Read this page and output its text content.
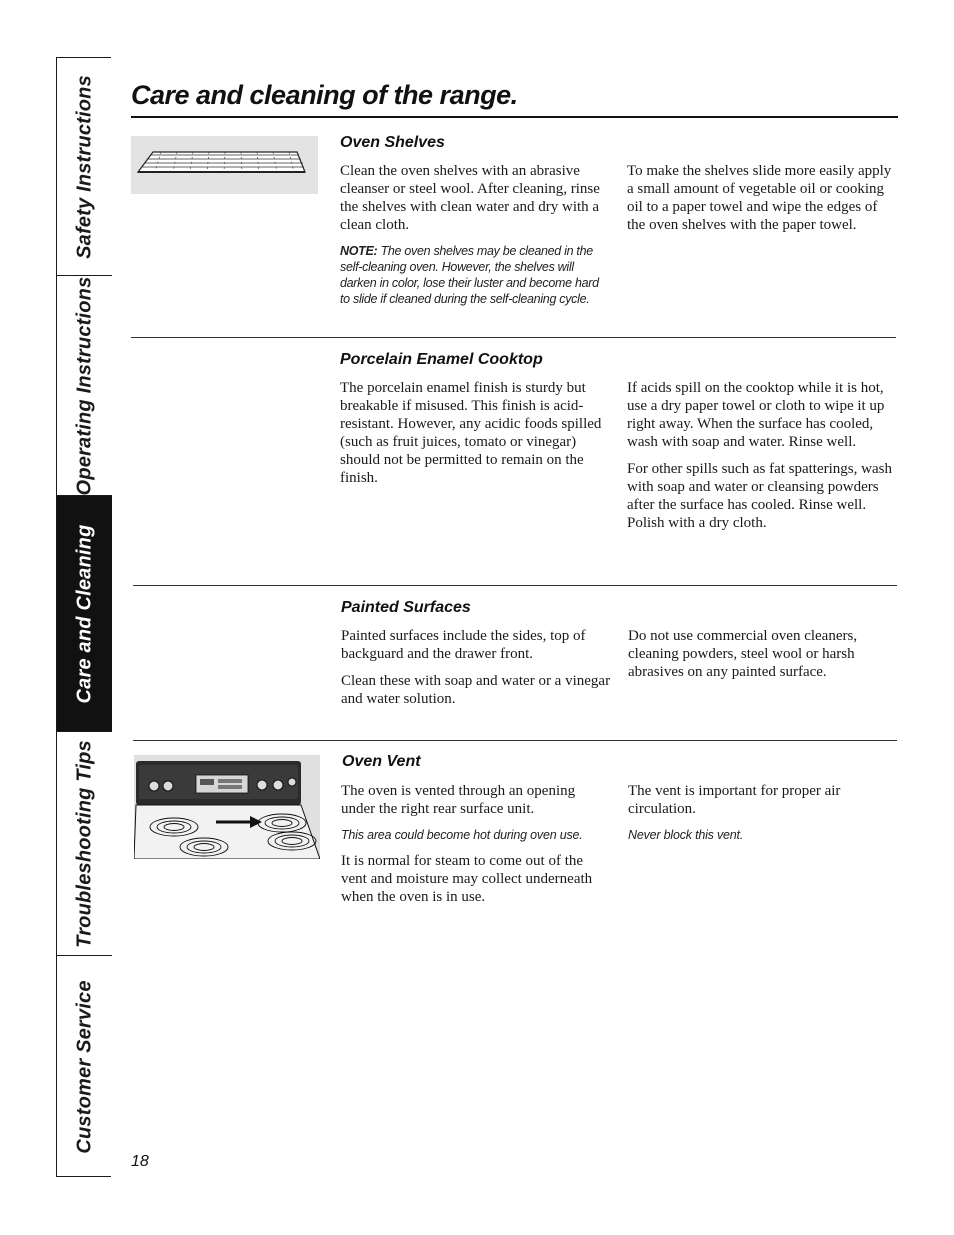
Safety Instructions
Operating Instructions
Care and Cleaning
Troubleshooting Tips
Customer Service
Care and cleaning of the range.
Oven Shelves

Clean the oven shelves with an abrasive cleanser or steel wool. After cleaning, rinse the shelves with clean water and dry with a clean cloth.

NOTE: The oven shelves may be cleaned in the self-cleaning oven. However, the shelves will darken in color, lose their luster and become hard to slide if cleaned during the self-cleaning cycle.

To make the shelves slide more easily apply a small amount of vegetable oil or cooking oil to a paper towel and wipe the edges of the oven shelves with the paper towel.

Porcelain Enamel Cooktop

The porcelain enamel finish is sturdy but breakable if misused. This finish is acid-resistant. However, any acidic foods spilled (such as fruit juices, tomato or vinegar) should not be permitted to remain on the finish.

If acids spill on the cooktop while it is hot, use a dry paper towel or cloth to wipe it up right away. When the surface has cooled, wash with soap and water. Rinse well.

For other spills such as fat spatterings, wash with soap and water or cleansing powders after the surface has cooled. Rinse well. Polish with a dry cloth.

Painted Surfaces

Painted surfaces include the sides, top of backguard and the drawer front.

Clean these with soap and water or a vinegar and water solution.

Do not use commercial oven cleaners, cleaning powders, steel wool or harsh abrasives on any painted surface.

Oven Vent

The oven is vented through an opening under the right rear surface unit.

This area could become hot during oven use.

It is normal for steam to come out of the vent and moisture may collect underneath when the oven is in use.

The vent is important for proper air circulation.

Never block this vent.

18
